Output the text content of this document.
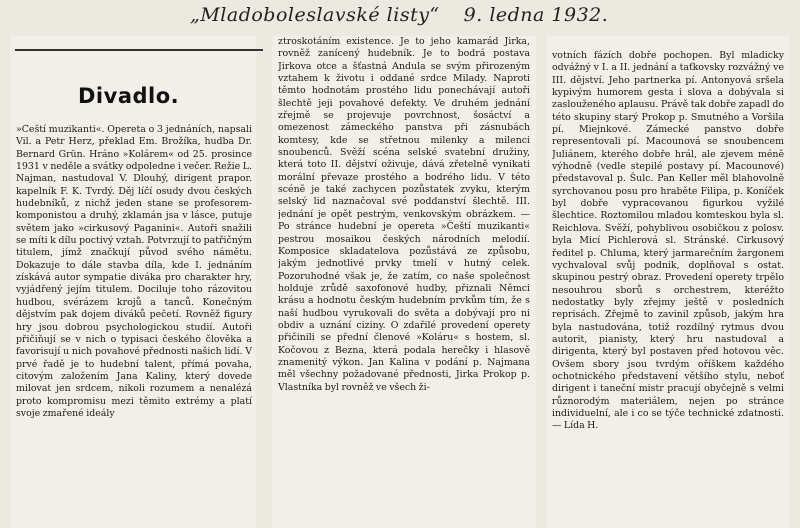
„Mladoboleslavské listy“ 9. ledna 1932.
Divadlo.

»Čeští muzikanti«. Opereta o 3 jednáních, napsali Vil. a Petr Herz, překlad Em. Brožíka, hudba Dr. Bernard Grün. Hráno »Kolárem« od 25. prosince 1931 v neděle a svátky odpoledne i večer. Režie L. Najman, nastudoval V. Dlouhý, dirigent prapor. kapelník F. K. Tvrdý. Děj líčí osudy dvou českých hudebníků, z nichž jeden stane se profesorem-komponistou a druhý, zklamán jsa v lásce, putuje světem jako »cirkusový Paganini«. Autoři snažili se míti k dílu poctivý vztah. Potvrzují to patřičným titulem, jímž značkují původ svého námětu. Dokazuje to dále stavba díla, kde I. jednáním získává autor sympatie diváka pro charakter hry, vyjádřený jejím titulem. Dociluje toho rázovitou hudbou, svérázem krojů a tanců. Konečným dějstvím pak dojem diváků pečetí. Rovněž figury hry jsou dobrou psychologickou studií. Autoři přičiňují se v nich o typisaci českého člověka a favorisují u nich povahové přednosti našich lidí. V prvé řadě je to hudební talent, přímá povaha, citovým založením Jana Kaliny, který dovede milovat jen srdcem, nikoli rozumem a nenalézá proto kompromisu mezi těmito extrémy a platí svoje zmařené ideály

ztroskotáním existence. Je to jeho kamarád Jirka, rovněž zanícený hudebník. Je to bodrá postava Jirkova otce a šťastná Andula se svým přirozeným vztahem k životu i oddané srdce Milady. Naproti těmto hodnotám prostého lidu ponechávají autoři šlechtě jeji povahové defekty. Ve druhém jednání zřejmě se projevuje povrchnost, šosáctví a omezenost zámeckého panstva při zásnubách komtesy, kde se střetnou milenky a milenci snoubenců. Svěží scéna selské svatební družiny, která toto II. dějství oživuje, dává zřetelně vynikati morální převaze prostého a bodrého lidu. V této scéně je také zachycen pozůstatek zvyku, kterým selský lid naznačoval své poddanství šlechtě. III. jednání je opět pestrým, venkovským obrázkem. — Po stránce hudební je opereta »Čeští muzikanti« pestrou mosaikou českých národních melodií. Komposice skladatelova pozůstává ze způsobu, jakým jednotlivé prvky tmelí v hutný celek. Pozoruhodné však je, že zatím, co naše společnost holduje zrůdě saxofonové hudby, přiznali Němci krásu a hodnotu českým hudebním prvkům tím, že s naší hudbou vyrukovali do světa a dobývají pro ni obdiv a uznání ciziny. O zdařilé provedení operety přičinili se přední členové »Koláru« s hostem, sl. Kočovou z Bezna, která podala herečky i hlasově znamenitý výkon. Jan Kalina v podání p. Najmana měl všechny požadované přednosti, Jirka Prokop p. Vlastníka byl rovněž ve všech ži-

votních fázích dobře pochopen. Byl mladicky odvážný v I. a II. jednání a taťkovsky rozvážný ve III. dějství. Jeho partnerka pí. Antonyová sršela kypivým humorem gesta i slova a dobývala si zaslouženého aplausu. Právě tak dobře zapadl do této skupiny starý Prokop p. Smutného a Voršila pí. Miejnkové. Zámecké panstvo dobře representovali pí. Macounová se snoubencem Juliánem, kterého dobře hrál, ale zjevem méně výhodně (vedle stepilé postavy pí. Macounové) představoval p. Šulc. Pan Keller měl blahovolně syrchovanou posu pro hraběte Filipa, p. Koníček byl dobře vypracovanou figurkou vyžilé šlechtice. Roztomilou mladou komteskou byla sl. Reichlova. Svěží, pohyblivou osobičkou z polosv. byla Micí Pichlerová sl. Stránské. Cirkusový ředitel p. Chluma, který jarmarečním žargonem vychvaloval svůj podnik, doplňoval s ostat. skupinou pestrý obraz. Provedení operety trpělo nesouhrou sborů s orchestrem, kteréžto nedostatky byly zřejmy ještě v posledních reprisách. Zřejmě to zavinil způsob, jakým hra byla nastudována, totiž rozdílný rytmus dvou autorit, pianisty, který hru nastudoval a dirigenta, který byl postaven před hotovou věc. Ovšem sbory jsou tvrdým oříškem každého ochotnického představení většího stylu, neboť dirigent i taneční mistr pracují obyčejně s velmi různorodým materiálem, nejen po stránce individuelní, ale i co se týče technické zdatnosti. — Lída H.
